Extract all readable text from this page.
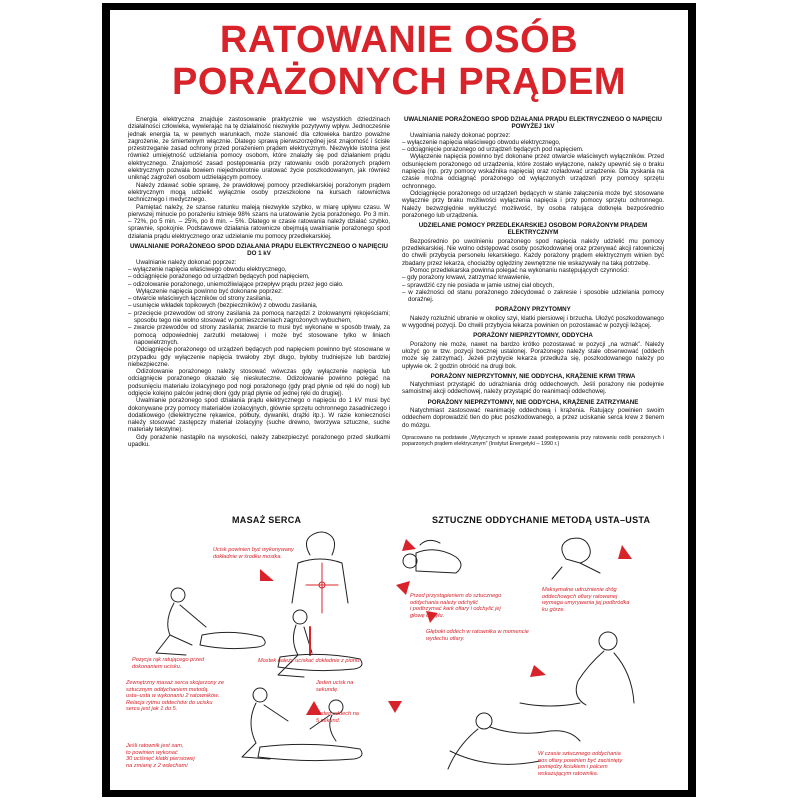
RATOWANIE OSÓB
PORAŻONYCH PRĄDEM

Energia elektryczna znajduje zastosowanie praktycznie we wszystkich dziedzinach działalności człowieka, wywierając na tę działalność niezwykle pozytywny wpływ. Jednocześnie jednak energia ta, w pewnych warunkach, może stanowić dla człowieka bardzo poważne zagrożenie, ze śmiertelnym włącznie. Dlatego sprawą pierwszorzędnej jest znajomość i ścisłe przestrzeganie zasad ochrony przed porażeniem prądem elektrycznym. Niezwykle istotna jest również umiejętność udzielania pomocy osobom, które znalazły się pod działaniem prądu elektrycznego. Znajomość zasad postępowania przy ratowaniu osób porażonych prądem elektrycznym pozwala bowiem niejednokrotnie uratować życie poszkodowanym, jak również uniknąć zagrożeń osobom udzielającym pomocy.

Należy zdawać sobie sprawę, że prawidłowej pomocy przedlekarskiej porażonym prądem elektrycznym mogą udzielić wyłącznie osoby przeszkolone na kursach ratownictwa technicznego i medycznego.

Pamiętać należy, że szanse ratunku maleją niezwykle szybko, w miarę upływu czasu. W pierwszej minucie po porażeniu istnieje 98% szans na uratowanie życia porażonego. Po 3 min. – 72%, po 5 min. – 25%, po 8 min. – 5%. Dlatego w czasie ratowania należy działać szybko, sprawnie, spokojnie. Podstawowe działania ratownicze obejmują uwalnianie porażonego spod działania prądu elektrycznego oraz udzielanie mu pomocy przedlekarskiej.

UWALNIANIE PORAŻONEGO SPOD DZIAŁANIA PRĄDU ELEKTRYCZNEGO O NAPIĘCIU DO 1 kV

Uwalnianie należy dokonać poprzez:

– wyłączenie napięcia właściwego obwodu elektrycznego,
– odciągnięcie porażonego od urządzeń będących pod napięciem,
– odizolowanie porażonego, uniemożliwiające przepływ prądu przez jego ciało.

Wyłączenie napięcia powinno być dokonane poprzez:

– otwarcie właściwych łączników od strony zasilania,
– usunięcie wkładek topikowych (bezpieczników) z obwodu zasilania,
– przecięcie przewodów od strony zasilania za pomocą narzędzi z izolowanymi rękojeściami; sposobu tego nie wolno stosować w pomieszczeniach zagrożonych wybuchem,
– zwarcie przewodów od strony zasilania; zwarcie to musi być wykonane w sposób trwały, za pomocą odpowiedniej zarzutki metalowej i może być stosowane tylko w liniach napowietrznych.

Odciągnięcie porażonego od urządzeń będących pod napięciem powinno być stosowane w przypadku gdy wyłączenie napięcia trwałoby zbyt długo, byłoby trudniejsze lub bardziej niebezpieczne.

Odizolowanie porażonego należy stosować wówczas gdy wyłączenie napięcia lub odciągnięcie porażonego okazało się nieskuteczne. Odizolowanie powinno polegać na podsunięciu materiału izolacyjnego pod nogi porażonego (gdy prąd płynie od ręki do nogi) lub odgięcie kolejno palców jednej dłoni (gdy prąd płynie od jednej ręki do drugiej).

Uwalnianie porażonego spod działania prądu elektrycznego o napięciu do 1 kV musi być dokonywane przy pomocy materiałów izolacyjnych, głównie sprzętu ochronnego zasadniczego i dodatkowego (dielektryczne rękawice, półbuty, dywaniki, drążki itp.). W razie konieczności należy stosować zastępczy materiał izolacyjny (suche drewno, tworzywa sztuczne, suche materiały tekstylne).

Gdy porażenie nastąpiło na wysokości, należy zabezpieczyć porażonego przed skutkami upadku.

UWALNIANIE PORAŻONEGO SPOD DZIAŁANIA PRĄDU ELEKTRYCZNEGO O NAPIĘCIU POWYŻEJ 1kV

Uwalniania należy dokonać poprzez:

– wyłączenie napięcia właściwego obwodu elektrycznego,
– odciągnięcie porażonego od urządzeń będących pod napięciem.

Wyłączenie napięcia powinno być dokonane przez otwarcie właściwych wyłączników. Przed odsunięciem porażonego od urządzenia, które zostało wyłączone, należy upewnić się o braku napięcia (np. przy pomocy wskaźnika napięcia) oraz rozładować urządzenie. Dla zyskania na czasie można odciągnąć porażonego od wyłączonych urządzeń przy pomocy sprzętu ochronnego.

Odciągnięcie porażonego od urządzeń będących w stanie załączenia może być stosowane wyłącznie przy braku możliwości wyłączenia napięcia i przy pomocy sprzętu ochronnego. Należy bezwzględnie wykluczyć możliwość, by osoba ratująca dotknęła bezpośrednio porażonego lub urządzenia.

UDZIELANIE POMOCY PRZEDLEKARSKIEJ OSOBOM PORAŻONYM PRĄDEM ELEKTRYCZNYM

Bezpośrednio po uwolnieniu porażonego spod napięcia należy udzielić mu pomocy przedlekarskiej. Nie wolno odstępować osoby poszkodowanej oraz przerywać akcji ratowniczej do chwili przybycia personelu lekarskiego. Każdy porażony prądem elektrycznym winien być zbadany przez lekarza, chociażby oględziny zewnętrzne nie wskazywały na taką potrzebę.

Pomoc przedlekarska powinna polegać na wykonaniu następujących czynności:

– gdy porażony krwawi, zatrzymać krwawienie,
– sprawdzić czy nie posiada w jamie ustnej ciał obcych,
– w zależności od stanu porażonego zdecydować o zakresie i sposobie udzielania pomocy doraźnej.

PORAŻONY PRZYTOMNY

Należy rozluźnić ubranie w okolicy szyi, klatki piersiowej i brzucha. Ułożyć poszkodowanego w wygodnej pozycji. Do chwili przybycia lekarza powinien on pozostawać w pozycji leżącej.

PORAŻONY NIEPRZYTOMNY, ODDYCHA

Porażony nie może, nawet na bardzo krótko pozostawać w pozycji „na wznak”. Należy ułożyć go w tzw. pozycji bocznej ustalonej. Porażonego należy stale obserwować (oddech może się zatrzymać). Jeżeli przybycie lekarza przedłuża się, poszkodowanego należy po upływie ok. 2 godzin obrócić na drugi bok.

PORAŻONY NIEPRZYTOMNY, NIE ODDYCHA, KRĄŻENIE KRWI TRWA

Natychmiast przystąpić do udrażniania dróg oddechowych. Jeśli porażony nie podejmie samoistnej akcji oddechowej, należy przystąpić do reanimacji oddechowej.

PORAŻONY NIEPRZYTOMNY, NIE ODDYCHA, KRĄŻENIE ZATRZYMANE

Natychmiast zastosować reanimację oddechową i krążenia. Ratujący powinien swoim oddechem doprowadzić tlen do płuc poszkodowanego, a przez uciskanie serca krew z tlenem do mózgu.

Opracowano na podstawie „Wytycznych w sprawie zasad postępowania przy ratowaniu osób porażonych i poparzonych prądem elektrycznym” (Instytut Energetyki – 1990 r.)

MASAŻ SERCA	SZTUCZNE ODDYCHANIE METODĄ USTA–USTA
Ucisk powinien być wykonywany
dokładnie w środku mostka.
Pozycja rąk ratującego przed
dokonaniem ucisku.
Mostek należy uciskać dokładnie z pionu.
Zewnętrzny masaż serca skojarzony ze
sztucznym oddychaniem metodą
usta–usta w wykonaniu 2 ratowników.
Relacja rytmu oddechów do ucisku
serca jest jak 1 do 5.
Jeden ucisk na
sekundę.
Jeden oddech na
5 sekund.
Jeśli ratownik jest sam,
to powinien wykonać
30 uciśnięć klatki piersiowej
na zmianę z 2 wdechami
Przed przystąpieniem do sztucznego
oddychania należy odchylić
i podtrzymać kark ofiary i odchylić jej
głowę do tyłu.
Maksymalne udrożnienie dróg
oddechowych ofiary ratowanej
wymaga umyrywania jej podbródka
ku górze.
Głęboki oddech w ratownika w momencie
wydechu ofiary.
W czasie sztucznego oddychania
nos ofiary powinien być zaciśnięty
pomiędzy kciukiem i palcem
wskazującym ratownika.
